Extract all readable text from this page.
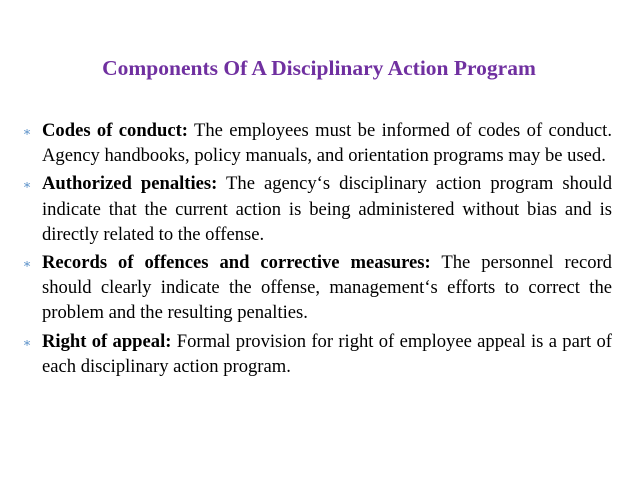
Components Of A Disciplinary Action Program
∗ Codes of conduct: The employees must be informed of codes of conduct. Agency handbooks, policy manuals, and orientation programs may be used.
∗ Authorized penalties: The agency‘s disciplinary action program should indicate that the current action is being administered without bias and is directly related to the offense.
∗ Records of offences and corrective measures: The personnel record should clearly indicate the offense, management‘s efforts to correct the problem and the resulting penalties.
∗ Right of appeal: Formal provision for right of employee appeal is a part of each disciplinary action program.
